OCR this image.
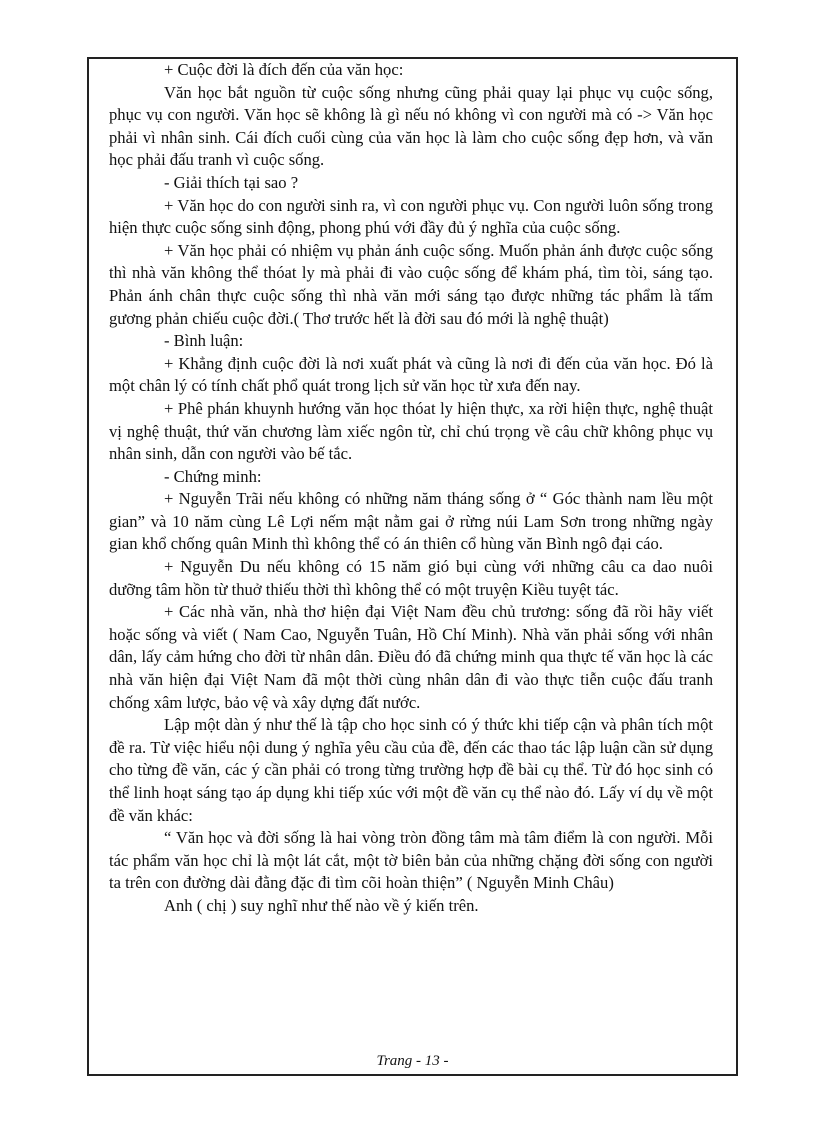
+ Cuộc đời là đích đến của văn học:

Văn học bắt nguồn từ cuộc sống nhưng cũng phải quay lại phục vụ cuộc sống, phục vụ con người. Văn học sẽ không là gì nếu nó không vì con người mà có -> Văn học phải vì nhân sinh. Cái đích cuối cùng của văn học là làm cho cuộc sống đẹp hơn, và văn học phải đấu tranh vì cuộc sống.

- Giải thích tại sao ?

+ Văn học do con người sinh ra, vì con người phục vụ. Con người luôn sống trong hiện thực cuộc sống sinh động, phong phú với đầy đủ ý nghĩa của cuộc sống.

+ Văn học phải có nhiệm vụ phản ánh cuộc sống. Muốn phản ánh được cuộc sống thì nhà văn không thể thóat ly mà phải đi vào cuộc sống để khám phá, tìm tòi, sáng tạo. Phản ánh chân thực cuộc sống thì nhà văn mới sáng tạo được những tác phẩm là tấm gương phản chiếu cuộc đời.( Thơ trước hết là đời sau đó mới là nghệ thuật)

- Bình luận:

+ Khẳng định cuộc đời là nơi xuất phát và cũng là nơi đi đến của văn học. Đó là một chân lý có tính chất phổ quát trong lịch sử văn học từ xưa đến nay.

+ Phê phán khuynh hướng văn học thóat ly hiện thực, xa rời hiện thực, nghệ thuật vị nghệ thuật, thứ văn chương làm xiếc ngôn từ, chỉ chú trọng về câu chữ không phục vụ nhân sinh, dẫn con người vào bế tắc.

- Chứng minh:

+ Nguyễn Trãi nếu không có những năm tháng sống ở “ Góc thành nam lều một gian” và 10 năm cùng Lê Lợi nếm mật nằm gai ở rừng núi Lam Sơn trong những ngày gian khổ chống quân Minh thì không thể có án thiên cổ hùng văn Bình ngô đại cáo.

+ Nguyễn Du nếu không có 15 năm gió bụi cùng với những câu ca dao nuôi dưỡng tâm hồn từ thuở thiếu thời thì không thể có một truyện Kiều tuyệt tác.

+ Các nhà văn, nhà thơ hiện đại Việt Nam đều chủ trương: sống đã rồi hãy viết hoặc sống và viết ( Nam Cao, Nguyễn Tuân, Hồ Chí Minh). Nhà văn phải sống với nhân dân, lấy cảm hứng cho đời từ nhân dân. Điều đó đã chứng minh qua thực tế văn học là các nhà văn hiện đại Việt Nam đã một thời cùng nhân dân đi vào thực tiễn cuộc đấu tranh chống xâm lược, bảo vệ và xây dựng đất nước.

Lập một dàn ý như thế là tập cho học sinh có ý thức khi tiếp cận và phân tích một đề ra. Từ việc hiểu nội dung ý nghĩa yêu cầu của đề, đến các thao tác lập luận cần sử dụng cho từng đề văn, các ý cần phải có trong từng trường hợp đề bài cụ thể. Từ đó học sinh có thể linh hoạt sáng tạo áp dụng khi tiếp xúc với một đề văn cụ thể nào đó. Lấy ví dụ về một đề văn khác:

“ Văn học và đời sống là hai vòng tròn đồng tâm mà tâm điểm là con người. Mỗi tác phẩm văn học chỉ là một lát cắt, một tờ biên bản của những chặng đời sống con người ta trên con đường dài đằng đặc đi tìm cõi hoàn thiện” ( Nguyễn Minh Châu)

Anh ( chị ) suy nghĩ như thế nào về ý kiến trên.

Trang - 13 -
